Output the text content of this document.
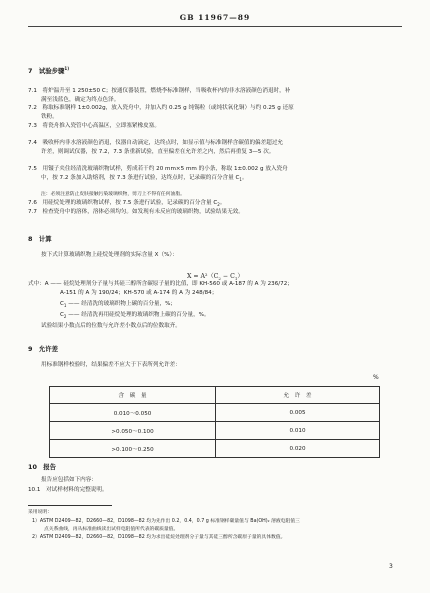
GB 11967—89
7　试验步骤$^{1)}$
7.1　将炉温升至 1 250±50 C；按通仪器装置，燃烧李标准钢样，当吸收杯内的非水溶液颜色消退时，补
满至浅蓝色，确定为终点色泽。
7.2　称取标准钢样 1±0.002g，放入瓷舟中，并加入约 0.25 g 纯锡粒（或纯状氧化铜）与约 0.25 g 还原
铁粉。
7.3　将瓷舟推入瓷管中心高温区，立即塞紧橡皮塞。
7.4　吸收杯内非水溶液颜色消退，仪器自动滴定，达终点时，如显示值与标准钢样含碳值的偏差超过允
许差，则调试仪器，按 7.2，7.3 条重新试验，直至偏差在允许差之内，然后再重复 3—5 次。
7.5　用镊子夹住经清洗玻璃织物试样，剪成若干约 20 mm×5 mm 的小条，称取 1±0.002 g 放入瓷舟
中，按 7.2 条加入助熔剂，按 7.3 条进行试验，达终点时，记录碳的百分含量 $C_1$。
注：必须注意防止皮肤接触污染玻璃织物，剪刀上不得有任何油脂。
7.6　用硅烷处理的玻璃织物试样，按 7.5 条进行试验，记录碳的百分含量 $C_2$。
7.7　检查瓷舟中的溶体，溶体必须均匀。如发现有未反应的玻璃织物，试验结果无效。
8　计算
按下式计算玻璃织物上硅烷处理剂的实际含量 X（%）：
$X = A^2(C_2 - C_1)$
式中：A —— 硅烷处理剂分子量与其硅三醇所含碳原子量的比值，即 KH-560 或 A-187 的 A 为 236/72；
A-151 的 A 为 190/24；KH-570 或 A-174 的 A 为 248/84；
$C_1$ —— 经清洗的玻璃织物上碳的百分量，%；
$C_2$ —— 经清洗再用硅烷处理的玻璃织物上碳的百分量，%。
试验结果小数点后的位数与允许差小数点后的位数取齐。
9　允许差
用标准钢样校验时，结果偏差不应大于下表所列允许差：
%
含　碳　量	允　许　差
0.010～0.050	0.005
>0.050～0.100	0.010
>0.100～0.250	0.020
10　报告
报告应包括如下内容：
10.1　对试样材料的完整说明。
采用说明：
1）ASTM D2409—82，D2660—82，D1098—82 均为先作出 0.2，0.4，0.7 g 标准钢样碳量值与 Ba(OH)₂ 溶液电阻值三
点关系曲线，再从标准曲线读出试样电阻值所代表的碳质量值。
2）ASTM D2409—82，D2660—82，D1098—82 均为求出硅烷处理剂分子量与其硅三醇所含碳原子量的具体数值。
3
